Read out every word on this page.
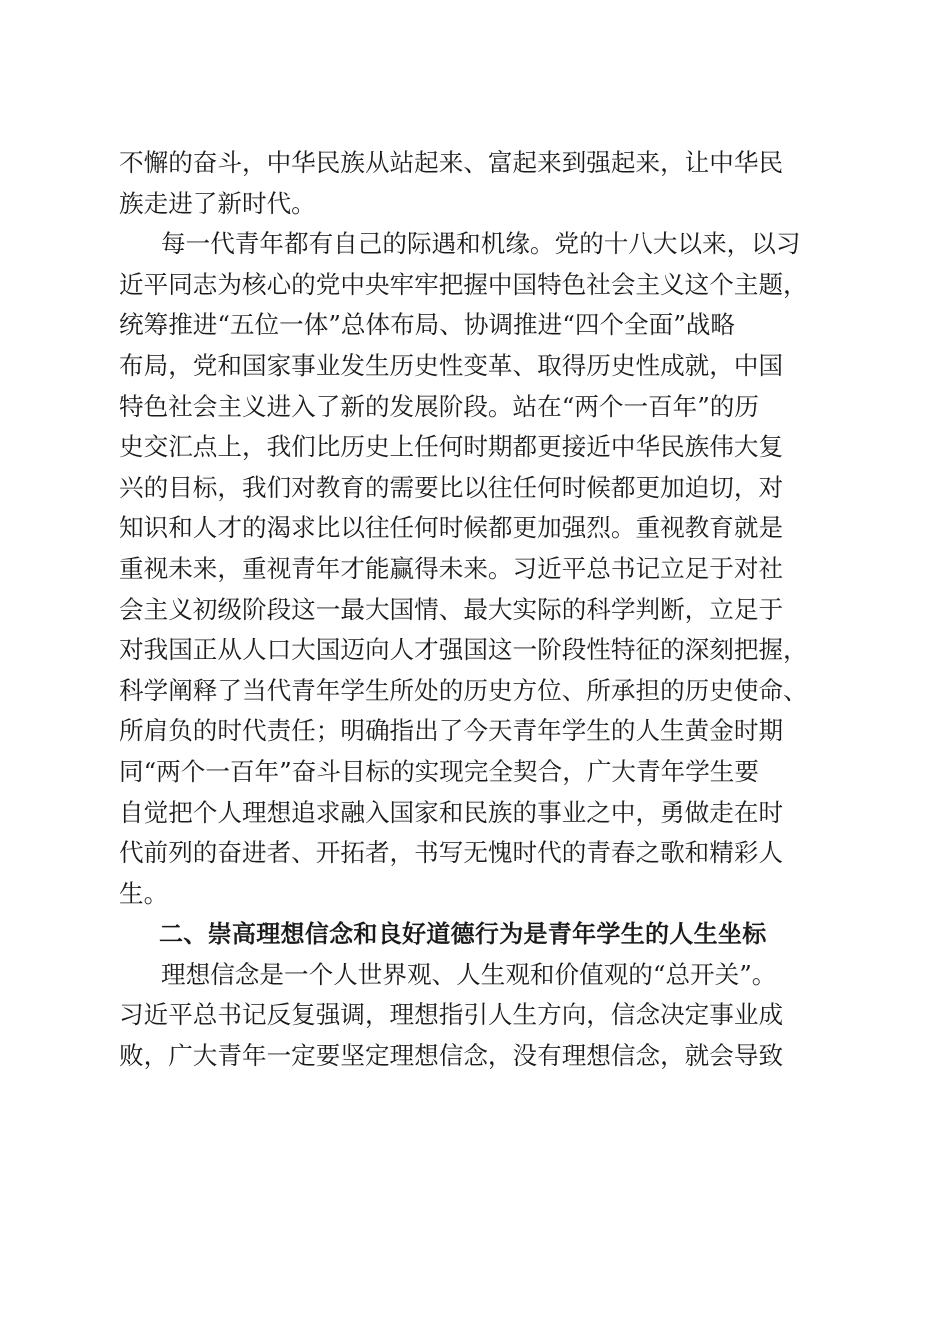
不懈的奋斗，中华民族从站起来、富起来到强起来，让中华民
族走进了新时代。
每一代青年都有自己的际遇和机缘。党的十八大以来，以习
近平同志为核心的党中央牢牢把握中国特色社会主义这个主题，
统筹推进“五位一体”总体布局、协调推进“四个全面”战略
布局，党和国家事业发生历史性变革、取得历史性成就，中国
特色社会主义进入了新的发展阶段。站在“两个一百年”的历
史交汇点上，我们比历史上任何时期都更接近中华民族伟大复
兴的目标，我们对教育的需要比以往任何时候都更加迫切，对
知识和人才的渴求比以往任何时候都更加强烈。重视教育就是
重视未来，重视青年才能赢得未来。习近平总书记立足于对社
会主义初级阶段这一最大国情、最大实际的科学判断，立足于
对我国正从人口大国迈向人才强国这一阶段性特征的深刻把握，
科学阐释了当代青年学生所处的历史方位、所承担的历史使命、
所肩负的时代责任；明确指出了今天青年学生的人生黄金时期
同“两个一百年”奋斗目标的实现完全契合，广大青年学生要
自觉把个人理想追求融入国家和民族的事业之中，勇做走在时
代前列的奋进者、开拓者，书写无愧时代的青春之歌和精彩人
生。
二、崇高理想信念和良好道德行为是青年学生的人生坐标
理想信念是一个人世界观、人生观和价值观的“总开关”。
习近平总书记反复强调，理想指引人生方向，信念决定事业成
败，广大青年一定要坚定理想信念，没有理想信念，就会导致
